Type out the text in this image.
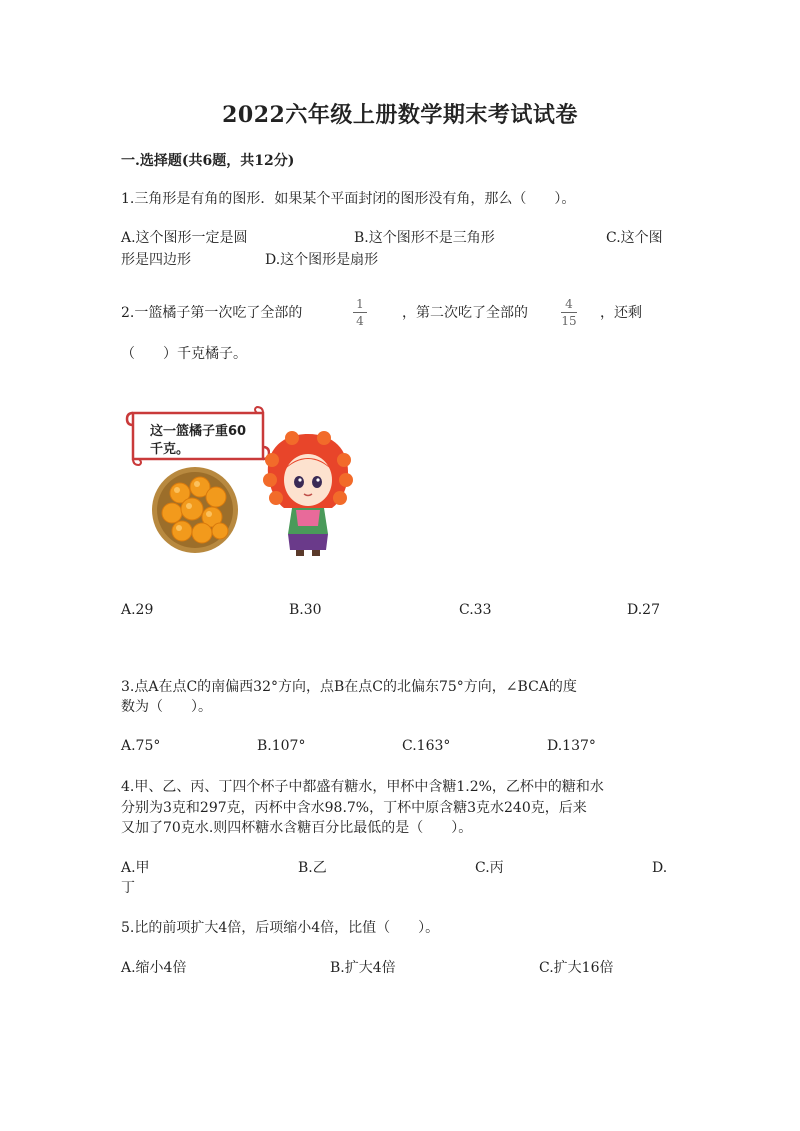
2022六年级上册数学期末考试试卷
一.选择题(共6题，共12分)
1.三角形是有角的图形．如果某个平面封闭的图形没有角，那么（　　）。
A.这个图形一定是圆	B.这个图形不是三角形	C.这个图
形是四边形	D.这个图形是扇形
2.一篮橘子第一次吃了全部的
1
4	，第二次吃了全部的
4
15 ，还剩
（　　）千克橘子。
这一篮橘子重60
千克。
A.29	B.30	C.33	D.27
3.点A在点C的南偏西32°方向，点B在点C的北偏东75°方向，∠BCA的度
数为（　　）。
A.75°	B.107°	C.163°	D.137°
4.甲、乙、丙、丁四个杯子中都盛有糖水，甲杯中含糖1.2%，乙杯中的糖和水
分别为3克和297克，丙杯中含水98.7%，丁杯中原含糖3克水240克，后来
又加了70克水.则四杯糖水含糖百分比最低的是（　　）。
A.甲	B.乙	C.丙	D.
丁
5.比的前项扩大4倍，后项缩小4倍，比值（　　）。
A.缩小4倍	B.扩大4倍	C.扩大16倍
